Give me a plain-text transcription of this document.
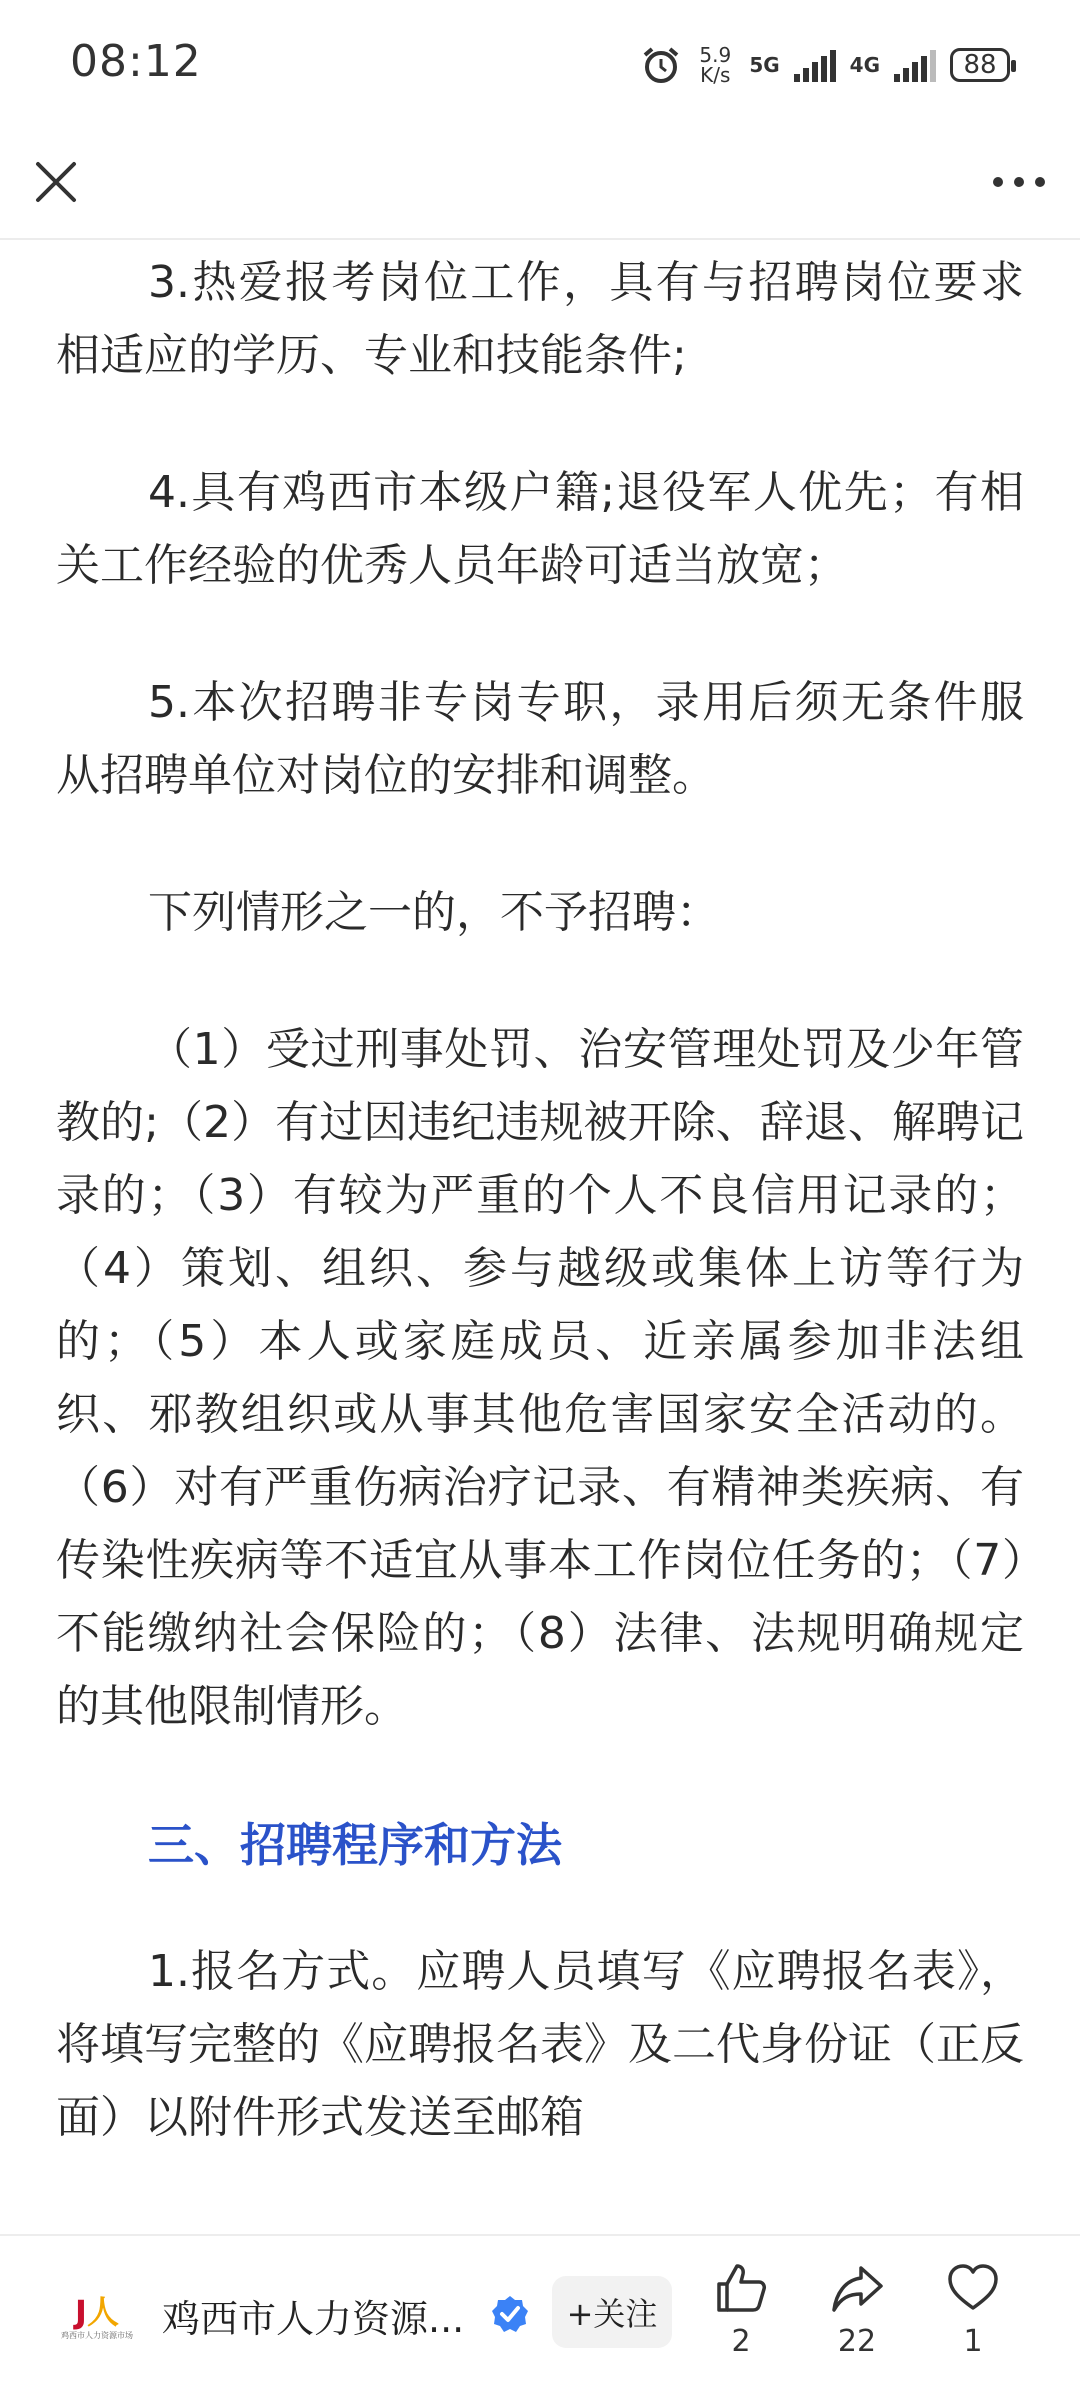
08:12	5.9
K/s 5G	4G	88

3.热爱报考岗位工作，具有与招聘岗位要求相适应的学历、专业和技能条件;

4.具有鸡西市本级户籍;退役军人优先；有相关工作经验的优秀人员年龄可适当放宽；

5.本次招聘非专岗专职，录用后须无条件服从招聘单位对岗位的安排和调整。

下列情形之一的，不予招聘：

（1）受过刑事处罚、治安管理处罚及少年管教的;（2）有过因违纪违规被开除、辞退、解聘记录的；（3）有较为严重的个人不良信用记录的；（4）策划、组织、参与越级或集体上访等行为的；（5）本人或家庭成员、近亲属参加非法组织、邪教组织或从事其他危害国家安全活动的。（6）对有严重伤病治疗记录、有精神类疾病、有传染性疾病等不适宜从事本工作岗位任务的；（7）不能缴纳社会保险的；（8）法律、法规明确规定的其他限制情形。

三、招聘程序和方法

1.报名方式。应聘人员填写《应聘报名表》，将填写完整的《应聘报名表》及二代身份证（正反面）以附件形式发送至邮箱

J人
鸡西市人力资源市场 鸡西市人力资源...	+关注
2	22	1
